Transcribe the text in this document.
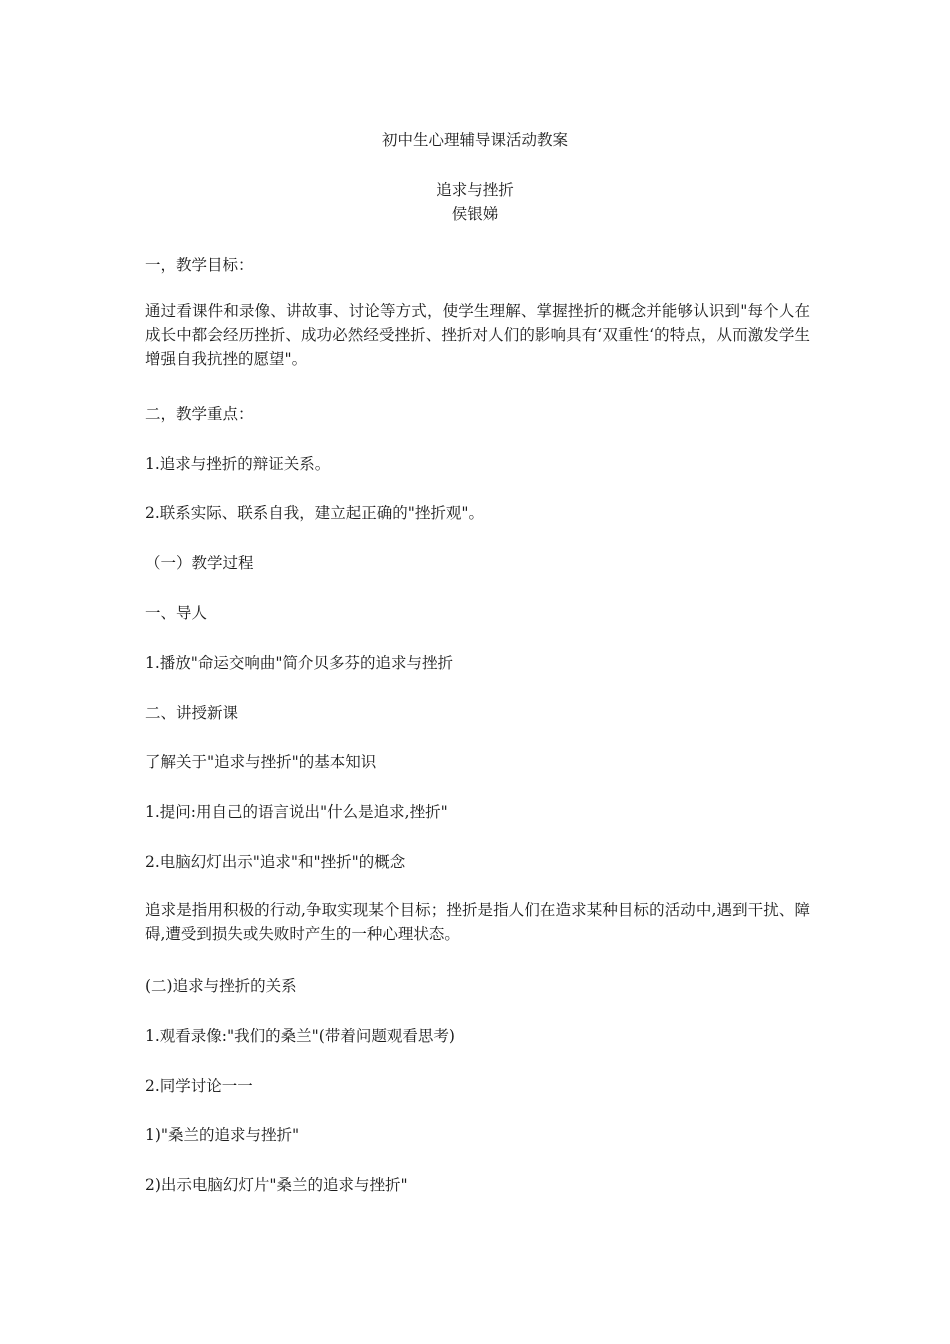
初中生心理辅导课活动教案
追求与挫折
侯银娣
一，教学目标：
通过看课件和录像、讲故事、讨论等方式，使学生理解、掌握挫折的概念并能够认识到"每个人在成长中都会经历挫折、成功必然经受挫折、挫折对人们的影响具有‘双重性‘的特点，从而激发学生增强自我抗挫的愿望"。
二，教学重点：
1.追求与挫折的辩证关系。
2.联系实际、联系自我，建立起正确的"挫折观"。
（一）教学过程
一、导人
1.播放"命运交响曲"简介贝多芬的追求与挫折
二、讲授新课
了解关于"追求与挫折"的基本知识
1.提问:用自己的语言说出"什么是追求,挫折"
2.电脑幻灯出示"追求"和"挫折"的概念
追求是指用积极的行动,争取实现某个目标；挫折是指人们在造求某种目标的活动中,遇到干扰、障碍,遭受到损失或失败时产生的一种心理状态。
(二)追求与挫折的关系
1.观看录像:"我们的桑兰"(带着问题观看思考)
2.同学讨论一一
1)"桑兰的追求与挫折"
2)出示电脑幻灯片"桑兰的追求与挫折"
